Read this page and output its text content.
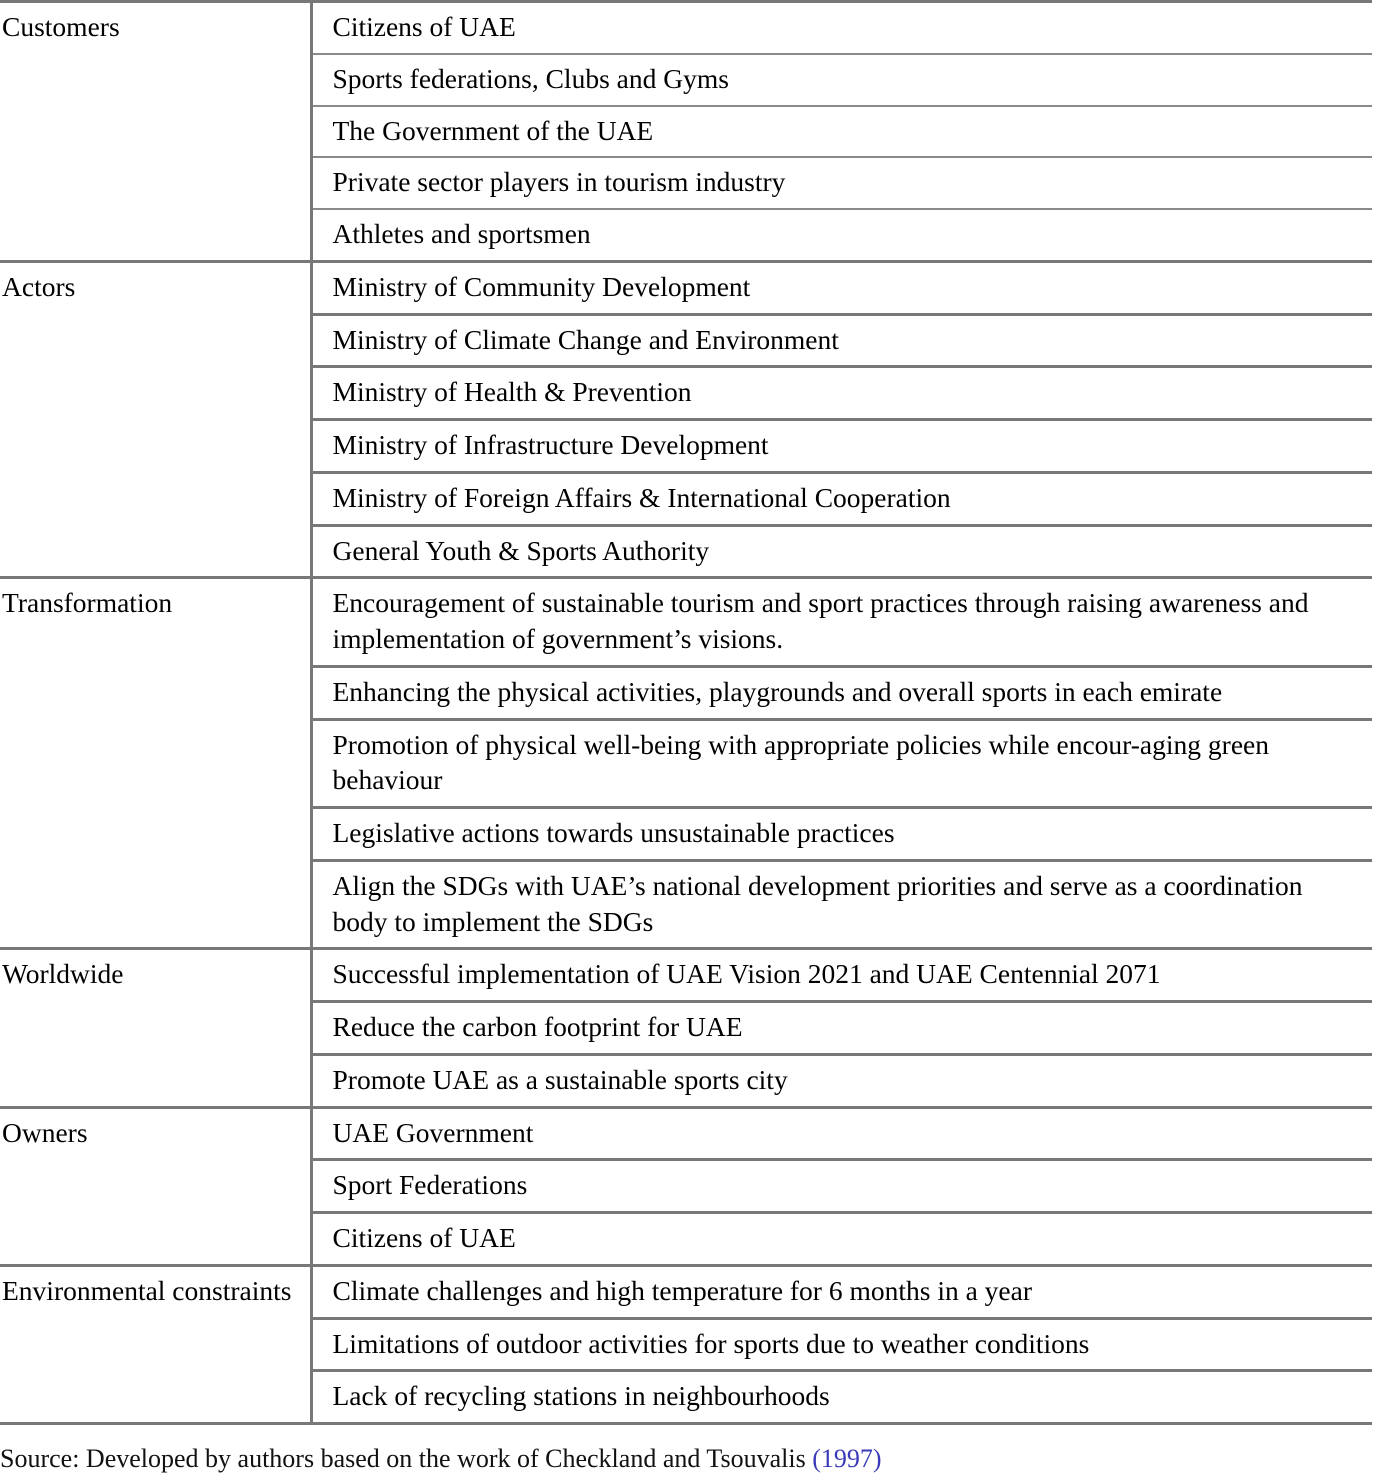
Customers	Citizens of UAE
	Sports federations, Clubs and Gyms
	The Government of the UAE
	Private sector players in tourism industry
	Athletes and sportsmen
Actors	Ministry of Community Development
	Ministry of Climate Change and Environment
	Ministry of Health & Prevention
	Ministry of Infrastructure Development
	Ministry of Foreign Affairs & International Cooperation
	General Youth & Sports Authority
Transformation	Encouragement of sustainable tourism and sport practices through raising awareness and implementation of government’s visions.
	Enhancing the physical activities, playgrounds and overall sports in each emirate
	Promotion of physical well-being with appropriate policies while encour-aging green behaviour
	Legislative actions towards unsustainable practices
	Align the SDGs with UAE’s national development priorities and serve as a coordination body to implement the SDGs
Worldwide	Successful implementation of UAE Vision 2021 and UAE Centennial 2071
	Reduce the carbon footprint for UAE
	Promote UAE as a sustainable sports city
Owners	UAE Government
	Sport Federations
	Citizens of UAE
Environmental constraints	Climate challenges and high temperature for 6 months in a year
	Limitations of outdoor activities for sports due to weather conditions
	Lack of recycling stations in neighbourhoods
Source: Developed by authors based on the work of Checkland and Tsouvalis (1997)
